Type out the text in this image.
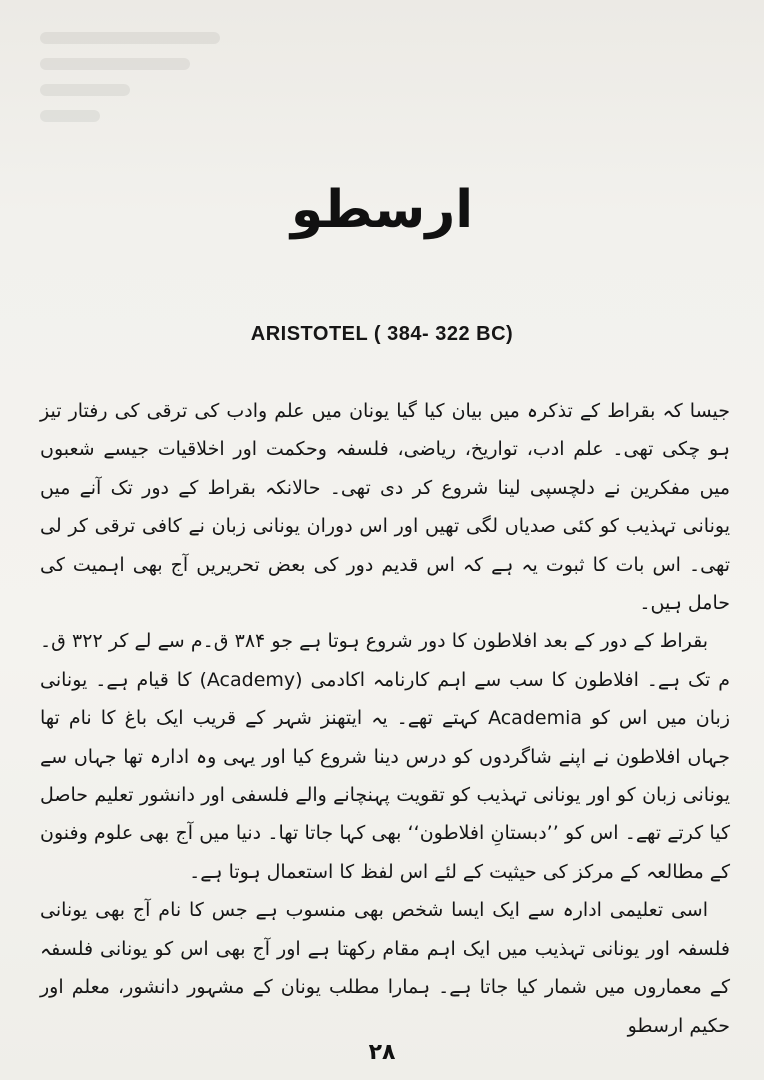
ارسطو
ARISTOTEL ( 384- 322 BC)

جیسا کہ بقراط کے تذکرہ میں بیان کیا گیا یونان میں علم وادب کی ترقی کی رفتار تیز ہو چکی تھی۔ علم ادب، تواریخ، ریاضی، فلسفہ وحکمت اور اخلاقیات جیسے شعبوں میں مفکرین نے دلچسپی لینا شروع کر دی تھی۔ حالانکہ بقراط کے دور تک آنے میں یونانی تہذیب کو کئی صدیاں لگی تھیں اور اس دوران یونانی زبان نے کافی ترقی کر لی تھی۔ اس بات کا ثبوت یہ ہے کہ اس قدیم دور کی بعض تحریریں آج بھی اہمیت کی حامل ہیں۔

بقراط کے دور کے بعد افلاطون کا دور شروع ہوتا ہے جو ۳۸۴ ق۔م سے لے کر ۳۲۲ ق۔م تک ہے۔ افلاطون کا سب سے اہم کارنامہ اکادمی (Academy) کا قیام ہے۔ یونانی زبان میں اس کو Academia کہتے تھے۔ یہ ایتھنز شہر کے قریب ایک باغ کا نام تھا جہاں افلاطون نے اپنے شاگردوں کو درس دینا شروع کیا اور یہی وہ ادارہ تھا جہاں سے یونانی زبان کو اور یونانی تہذیب کو تقویت پہنچانے والے فلسفی اور دانشور تعلیم حاصل کیا کرتے تھے۔ اس کو ’’دبستانِ افلاطون‘‘ بھی کہا جاتا تھا۔ دنیا میں آج بھی علوم وفنون کے مطالعہ کے مرکز کی حیثیت کے لئے اس لفظ کا استعمال ہوتا ہے۔

اسی تعلیمی ادارہ سے ایک ایسا شخص بھی منسوب ہے جس کا نام آج بھی یونانی فلسفہ اور یونانی تہذیب میں ایک اہم مقام رکھتا ہے اور آج بھی اس کو یونانی فلسفہ کے معماروں میں شمار کیا جاتا ہے۔ ہمارا مطلب یونان کے مشہور دانشور، معلم اور حکیم ارسطو

۲۸
